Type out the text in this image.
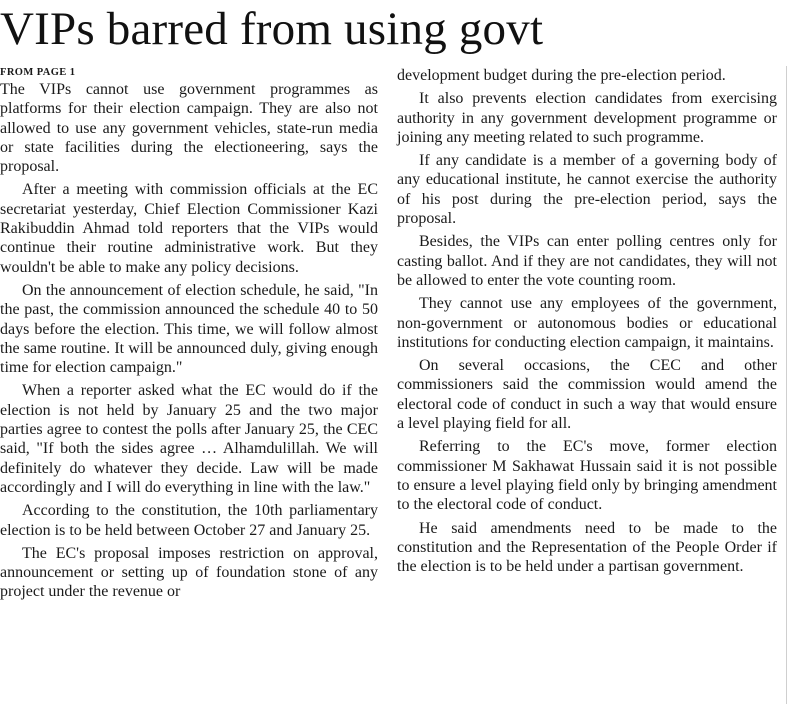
VIPs barred from using govt
FROM PAGE 1

The VIPs cannot use government programmes as platforms for their election campaign. They are also not allowed to use any government vehicles, state-run media or state facilities during the electioneering, says the proposal.

After a meeting with commission officials at the EC secretariat yesterday, Chief Election Commissioner Kazi Rakibuddin Ahmad told reporters that the VIPs would continue their routine administrative work. But they wouldn't be able to make any policy decisions.

On the announcement of election schedule, he said, "In the past, the commission announced the schedule 40 to 50 days before the election. This time, we will follow almost the same routine. It will be announced duly, giving enough time for election campaign."

When a reporter asked what the EC would do if the election is not held by January 25 and the two major parties agree to contest the polls after January 25, the CEC said, "If both the sides agree … Alhamdulillah. We will definitely do whatever they decide. Law will be made accordingly and I will do everything in line with the law."

According to the constitution, the 10th parliamentary election is to be held between October 27 and January 25.

The EC's proposal imposes restriction on approval, announcement or setting up of foundation stone of any project under the revenue or

development budget during the pre-election period.

It also prevents election candidates from exercising authority in any government development programme or joining any meeting related to such programme.

If any candidate is a member of a governing body of any educational institute, he cannot exercise the authority of his post during the pre-election period, says the proposal.

Besides, the VIPs can enter polling centres only for casting ballot. And if they are not candidates, they will not be allowed to enter the vote counting room.

They cannot use any employees of the government, non-government or autonomous bodies or educational institutions for conducting election campaign, it maintains.

On several occasions, the CEC and other commissioners said the commission would amend the electoral code of conduct in such a way that would ensure a level playing field for all.

Referring to the EC's move, former election commissioner M Sakhawat Hussain said it is not possible to ensure a level playing field only by bringing amendment to the electoral code of conduct.

He said amendments need to be made to the constitution and the Representation of the People Order if the election is to be held under a partisan government.
